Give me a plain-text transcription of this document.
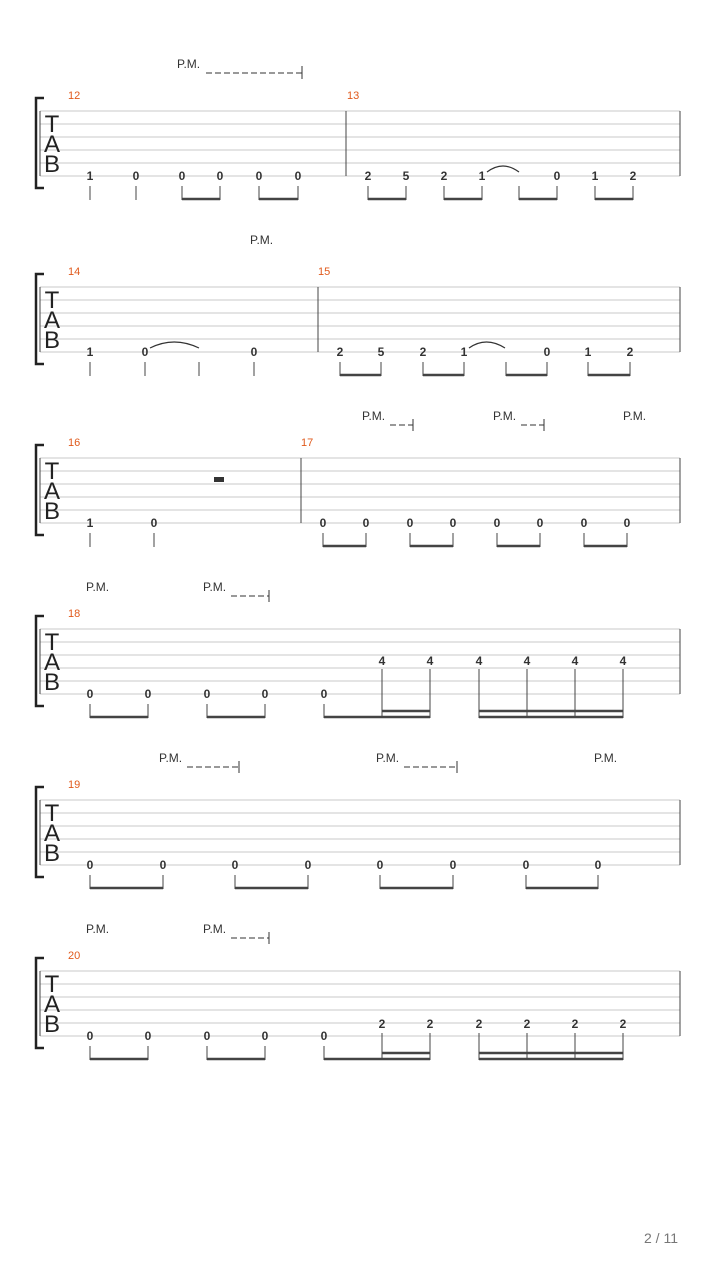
T
A
B
12	13
P.M.
1	0	0	0	0	0	2	5	2	1	0	1	2
T
A
B
14	15
P.M.
1	0	0	2	5	2	1	0	1	2
T
A
B
16	17
P.M.	P.M.	P.M.
1	0	0	0	0	0	0	0	0	0
T
A
B
18
P.M.	P.M.
0	0	0	0	0
4	4	4	4	4	4
T
A
B
19
P.M.	P.M.	P.M.
0	0	0	0	0	0	0	0
T
A
B
20
P.M.	P.M.
0	0	0	0	0
2	2	2	2	2	2
2 / 11
